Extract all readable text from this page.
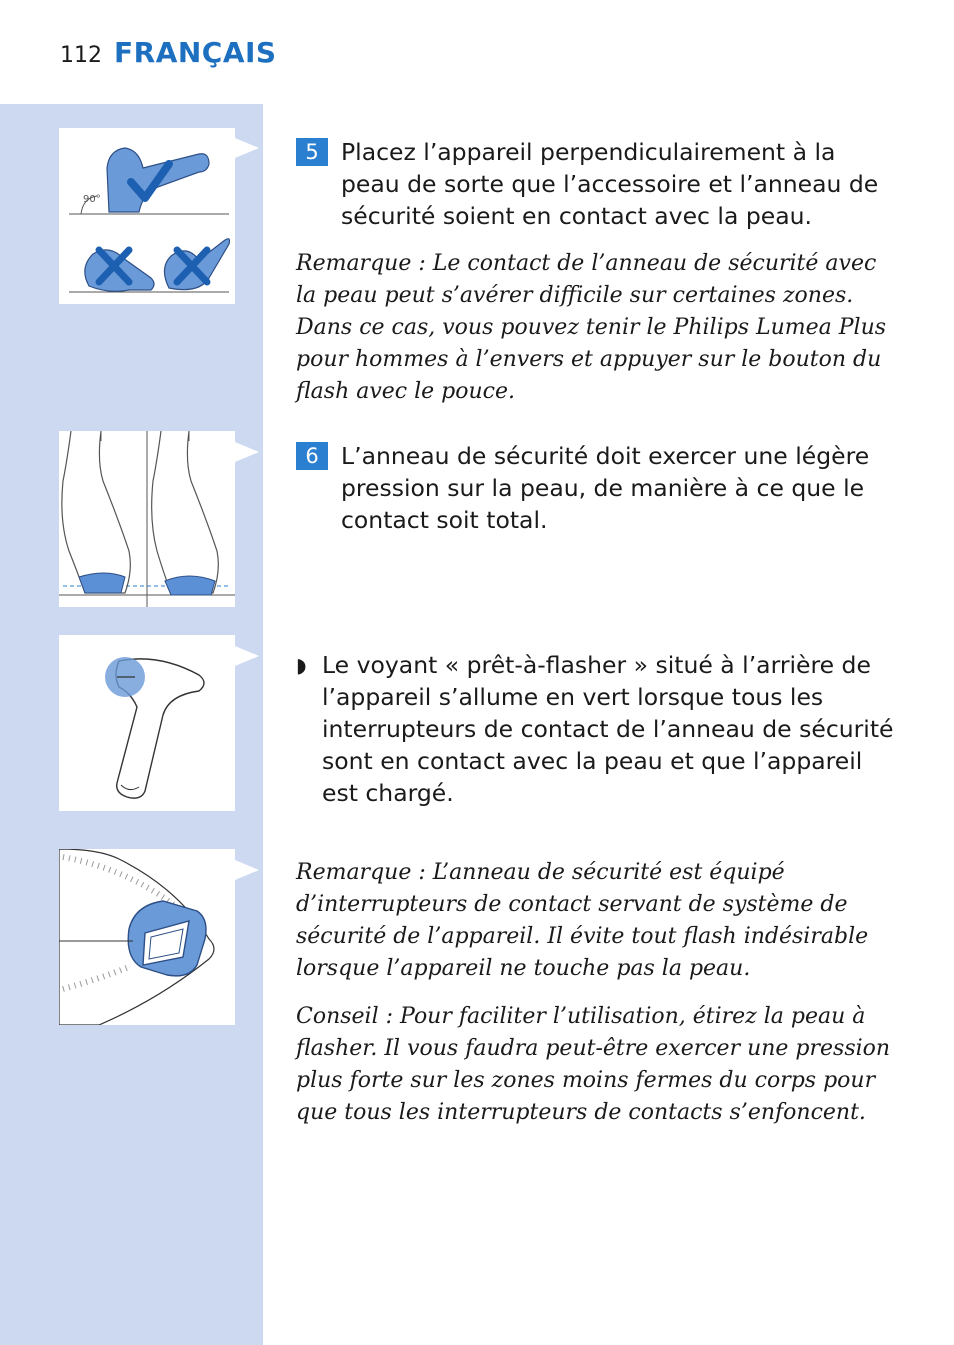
112 FRANÇAIS
90°
5 Placez l’appareil perpendiculairement à la peau de sorte que l’accessoire et l’anneau de sécurité soient en contact avec la peau.
Remarque : Le contact de l’anneau de sécurité avec la peau peut s’avérer difficile sur certaines zones. Dans ce cas, vous pouvez tenir le Philips Lumea Plus pour hommes à l’envers et appuyer sur le bouton du flash avec le pouce.
6 L’anneau de sécurité doit exercer une légère pression sur la peau, de manière à ce que le contact soit total.
◗ Le voyant « prêt-à-flasher » situé à l’arrière de l’appareil s’allume en vert lorsque tous les interrupteurs de contact de l’anneau de sécurité sont en contact avec la peau et que l’appareil est chargé.
Remarque : L’anneau de sécurité est équipé d’interrupteurs de contact servant de système de sécurité de l’appareil. Il évite tout flash indésirable lorsque l’appareil ne touche pas la peau.
Conseil : Pour faciliter l’utilisation, étirez la peau à flasher. Il vous faudra peut-être exercer une pression plus forte sur les zones moins fermes du corps pour que tous les interrupteurs de contacts s’enfoncent.
